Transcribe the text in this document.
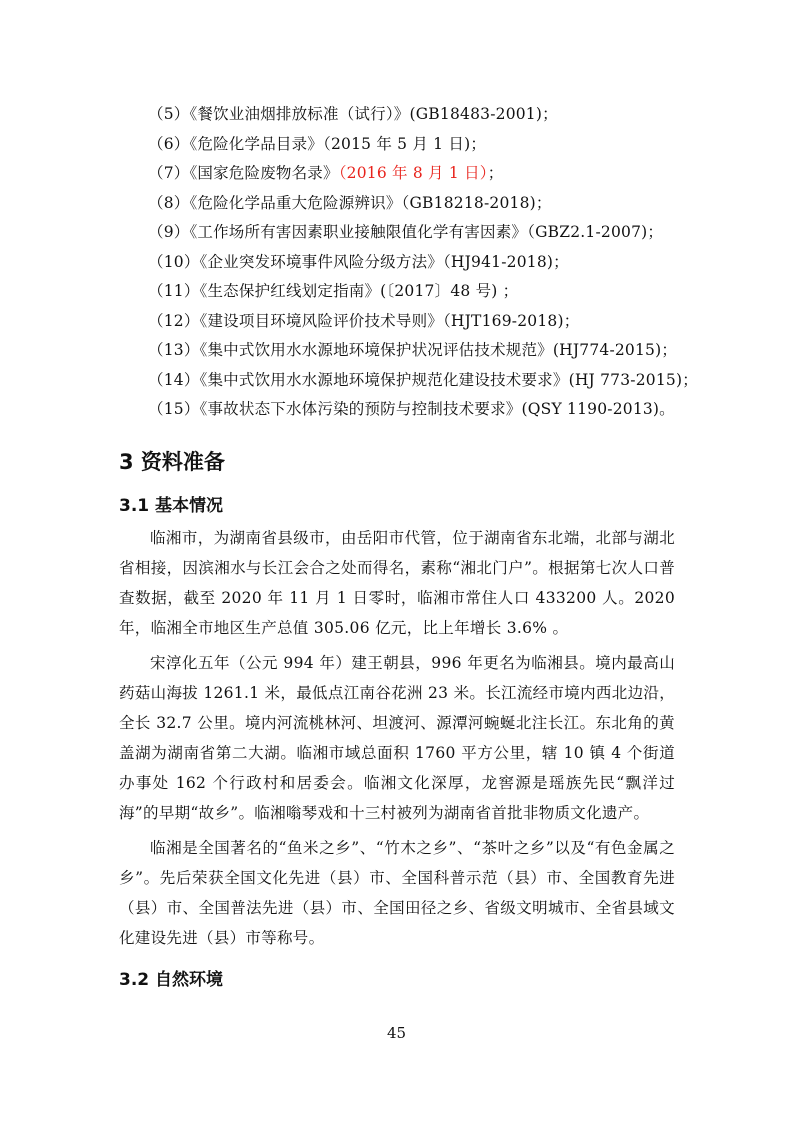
（5）《餐饮业油烟排放标准（试行）》(GB18483-2001)；
（6）《危险化学品目录》（2015 年 5 月 1 日)；
（7）《国家危险废物名录》（2016 年 8 月 1 日）；
（8）《危险化学品重大危险源辨识》（GB18218-2018)；
（9）《工作场所有害因素职业接触限值化学有害因素》（GBZ2.1-2007)；
（10）《企业突发环境事件风险分级方法》（HJ941-2018)；
（11）《生态保护红线划定指南》(〔2017〕48 号) ；
（12）《建设项目环境风险评价技术导则》（HJT169-2018)；
（13）《集中式饮用水水源地环境保护状况评估技术规范》(HJ774-2015)；
（14）《集中式饮用水水源地环境保护规范化建设技术要求》(HJ 773-2015)；
（15）《事故状态下水体污染的预防与控制技术要求》(QSY 1190-2013)。
3 资料准备
3.1 基本情况

临湘市，为湖南省县级市，由岳阳市代管，位于湖南省东北端，北部与湖北省相接，因滨湘水与长江会合之处而得名，素称“湘北门户”。根据第七次人口普查数据，截至 2020 年 11 月 1 日零时，临湘市常住人口 433200 人。2020 年，临湘全市地区生产总值 305.06 亿元，比上年增长 3.6% 。

宋淳化五年（公元 994 年）建王朝县，996 年更名为临湘县。境内最高山药菇山海拔 1261.1 米，最低点江南谷花洲 23 米。长江流经市境内西北边沿，全长 32.7 公里。境内河流桃林河、坦渡河、源潭河蜿蜒北注长江。东北角的黄盖湖为湖南省第二大湖。临湘市域总面积 1760 平方公里，辖 10 镇 4 个街道办事处 162 个行政村和居委会。临湘文化深厚，龙窖源是瑶族先民“飘洋过海”的早期“故乡”。临湘嗡琴戏和十三村被列为湖南省首批非物质文化遗产。

临湘是全国著名的“鱼米之乡”、“竹木之乡”、“茶叶之乡”以及“有色金属之乡”。先后荣获全国文化先进（县）市、全国科普示范（县）市、全国教育先进（县）市、全国普法先进（县）市、全国田径之乡、省级文明城市、全省县域文化建设先进（县）市等称号。

3.2 自然环境
45
